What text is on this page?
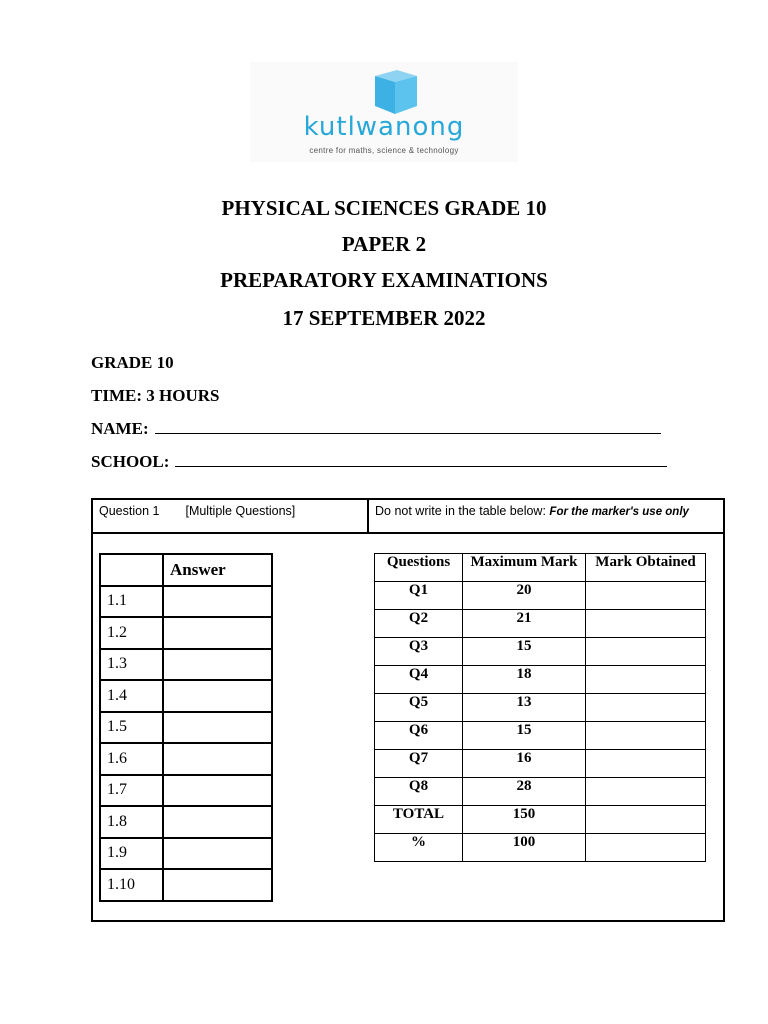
kutlwanong
centre for maths, science & technology
PHYSICAL SCIENCES GRADE 10
PAPER 2
PREPARATORY EXAMINATIONS
17 SEPTEMBER 2022
GRADE 10
TIME: 3 HOURS
NAME:
SCHOOL:
Question 1 [Multiple Questions]	Do not write in the table below: For the marker's use only
	Answer
1.1	
1.2	
1.3	
1.4	
1.5	
1.6	
1.7	
1.8	
1.9	
1.10	
Questions	Maximum Mark	Mark Obtained
Q1	20	
Q2	21	
Q3	15	
Q4	18	
Q5	13	
Q6	15	
Q7	16	
Q8	28	
TOTAL	150	
%	100	
